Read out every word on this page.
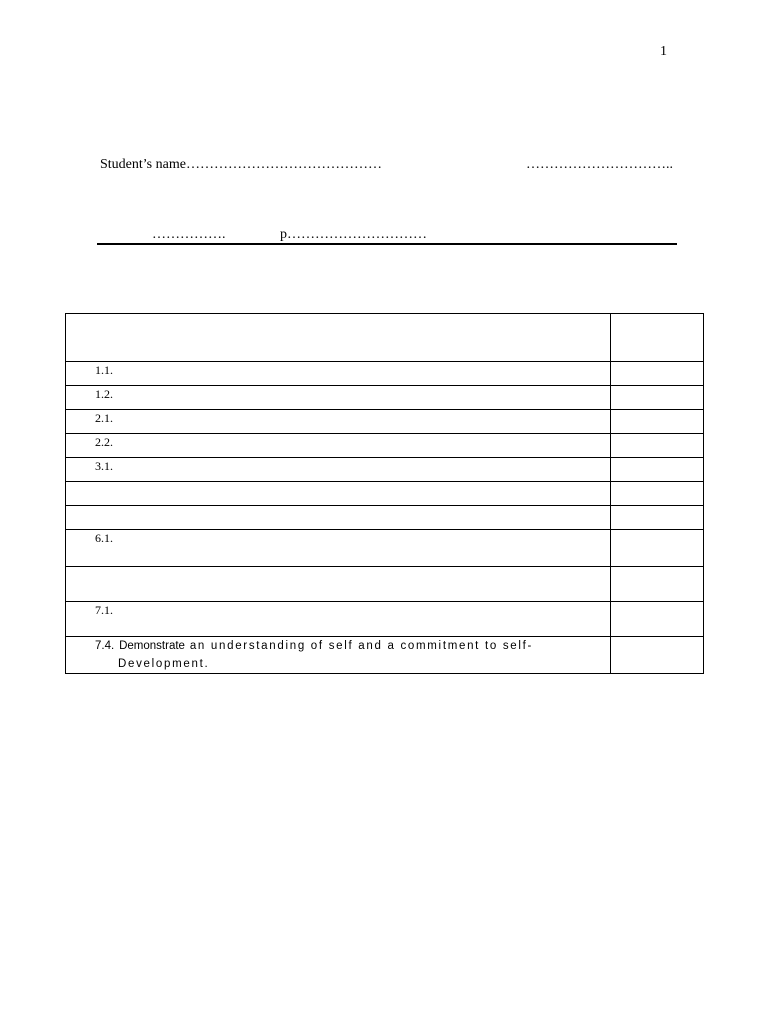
1
Student’s name……………………………………	…………………………..
…………….	p…………………………

1.1.	
1.2.	
2.1.	
2.2.	
3.1.	

6.1.	

7.1.	
7.4. Demonstrate an understanding of self and a commitment to self-
Development.	
